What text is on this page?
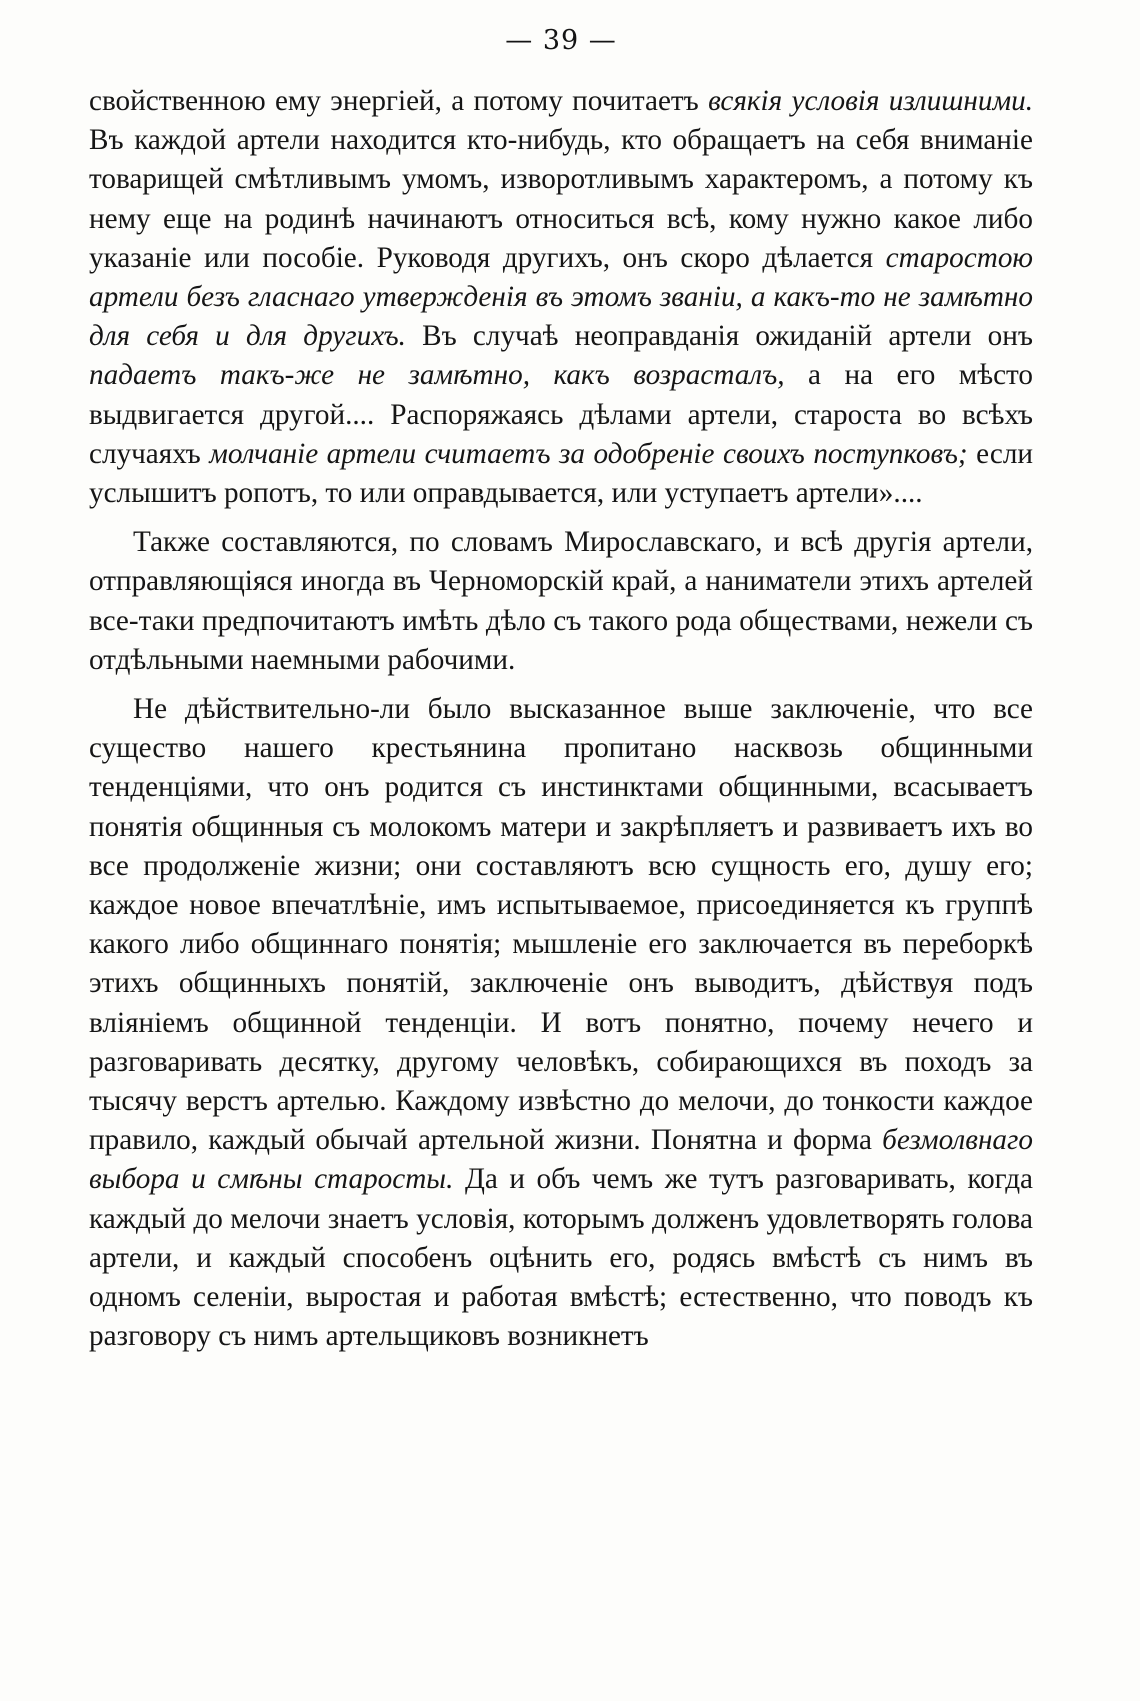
— 39 —

свойственною ему энергіей, а потому почитаетъ всякія условія излишними. Въ каждой артели находится кто-нибудь, кто обращаетъ на себя вниманіе товарищей смѣтливымъ умомъ, изворотливымъ характеромъ, а потому къ нему еще на родинѣ начинаютъ относиться всѣ, кому нужно какое либо указаніе или пособіе. Руководя другихъ, онъ скоро дѣлается старостою артели безъ гласнаго утвержденія въ этомъ званіи, а какъ-то не замѣтно для себя и для другихъ. Въ случаѣ неоправданія ожиданій артели онъ падаетъ такъ-же не замѣтно, какъ возрасталъ, а на его мѣсто выдвигается другой.... Распоряжаясь дѣлами артели, староста во всѣхъ случаяхъ молчаніе артели считаетъ за одобреніе своихъ поступковъ; если услышитъ ропотъ, то или оправдывается, или уступаетъ артели»....

Также составляются, по словамъ Мирославскаго, и всѣ другія артели, отправляющіяся иногда въ Черноморскій край, а наниматели этихъ артелей все-таки предпочитаютъ имѣть дѣло съ такого рода обществами, нежели съ отдѣльными наемными рабочими.

Не дѣйствительно-ли было высказанное выше заключеніе, что все существо нашего крестьянина пропитано насквозь общинными тенденціями, что онъ родится съ инстинктами общинными, всасываетъ понятія общинныя съ молокомъ матери и закрѣпляетъ и развиваетъ ихъ во все продолженіе жизни; они составляютъ всю сущность его, душу его; каждое новое впечатлѣніе, имъ испытываемое, присоединяется къ группѣ какого либо общиннаго понятія; мышленіе его заключается въ переборкѣ этихъ общинныхъ понятій, заключеніе онъ выводитъ, дѣйствуя подъ вліяніемъ общинной тенденціи. И вотъ понятно, почему нечего и разговаривать десятку, другому человѣкъ, собирающихся въ походъ за тысячу верстъ артелью. Каждому извѣстно до мелочи, до тонкости каждое правило, каждый обычай артельной жизни. Понятна и форма безмолвнаго выбора и смѣны старосты. Да и объ чемъ же тутъ разговаривать, когда каждый до мелочи знаетъ условія, которымъ долженъ удовлетворять голова артели, и каждый способенъ оцѣнить его, родясь вмѣстѣ съ нимъ въ одномъ селеніи, выростая и работая вмѣстѣ; естественно, что поводъ къ разговору съ нимъ артельщиковъ возникнетъ
